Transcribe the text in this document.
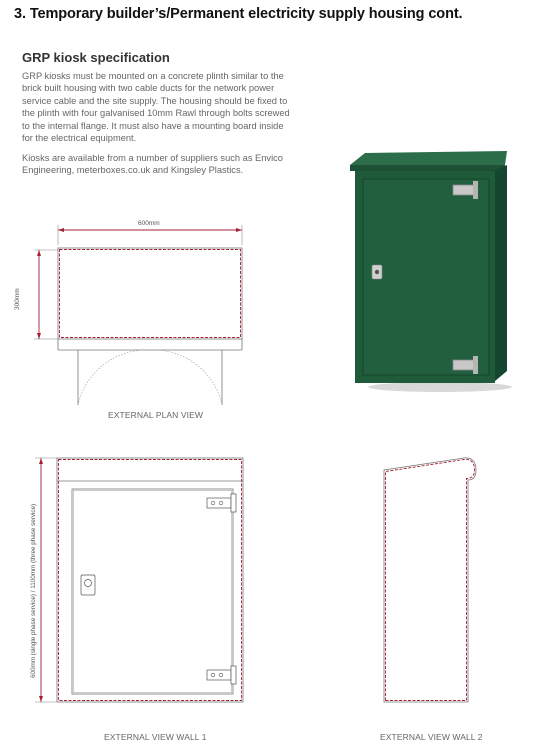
3. Temporary builder’s/Permanent electricity supply housing cont.
GRP kiosk specification
GRP kiosks must be mounted on a concrete plinth similar to the brick built housing with two cable ducts for the network power service cable and the site supply. The housing should be fixed to the plinth with four galvanised 10mm Rawl through bolts screwed to the internal flange. It must also have a mounting board inside for the electrical equipment.
Kiosks are available from a number of suppliers such as Envico Engineering, meterboxes.co.uk and Kingsley Plastics.
600mm
300mm
EXTERNAL PLAN VIEW
600mm (single phase service) / 1100mm (three phase service)
EXTERNAL VIEW WALL 1	EXTERNAL VIEW WALL 2
